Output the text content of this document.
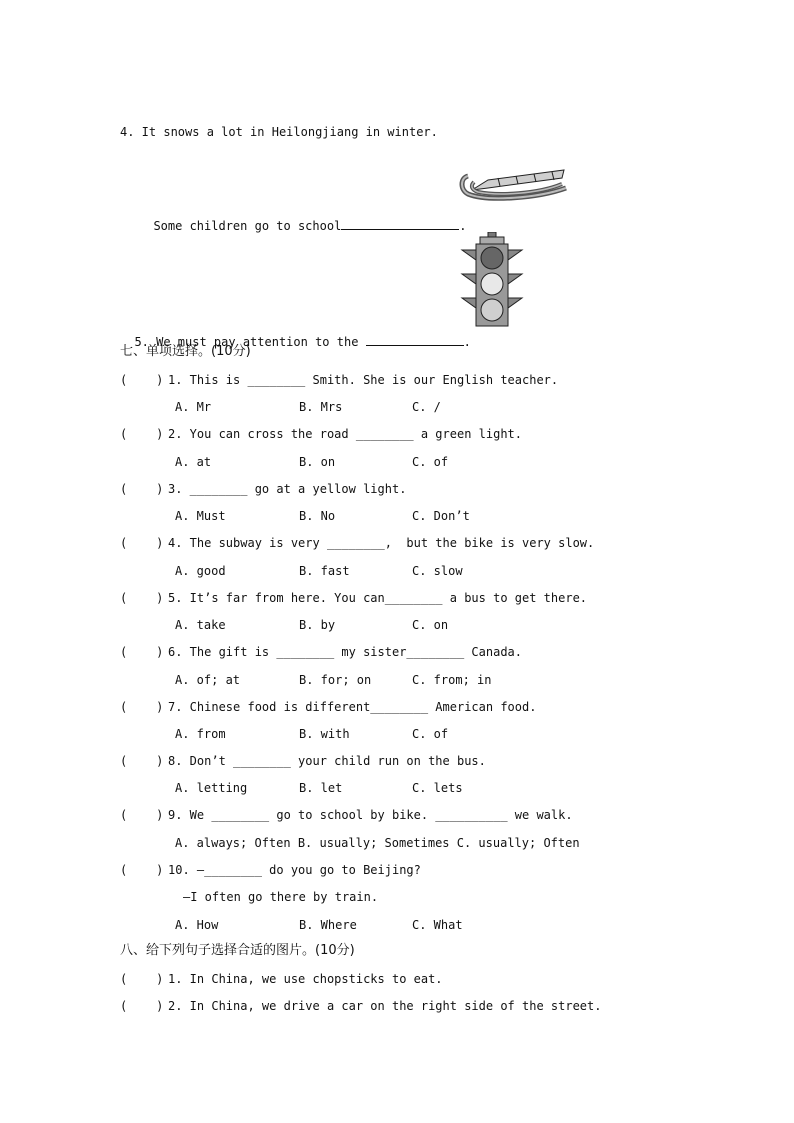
4. It snows a lot in Heilongjiang in winter.

Some children go to school	.

5. We must pay attention to the	.

七、单项选择。(10分)
(    ) 1. This is ________ Smith. She is our English teacher.
A. Mr	B. Mrs	C. /
(    ) 2. You can cross the road ________ a green light.
A. at	B. on	C. of
(    ) 3. ________ go at a yellow light.
A. Must	B. No	C. Don’t
(    ) 4. The subway is very ________,  but the bike is very slow.
A. good	B. fast	C. slow
(    ) 5. It’s far from here. You can________ a bus to get there.
A. take	B. by	C. on
(    ) 6. The gift is ________ my sister________ Canada.
A. of; at	B. for; on	C. from; in
(    ) 7. Chinese food is different________ American food.
A. from	B. with	C. of
(    ) 8. Don’t ________ your child run on the bus.
A. letting	B. let	C. lets
(    ) 9. We ________ go to school by bike. __________ we walk.
A. always; Often B. usually; Sometimes C. usually; Often
(    ) 10. —________ do you go to Beijing?
—I often go there by train.
A. How	B. Where	C. What
八、给下列句子选择合适的图片。(10分)
(    ) 1. In China, we use chopsticks to eat.
(    ) 2. In China, we drive a car on the right side of the street.
